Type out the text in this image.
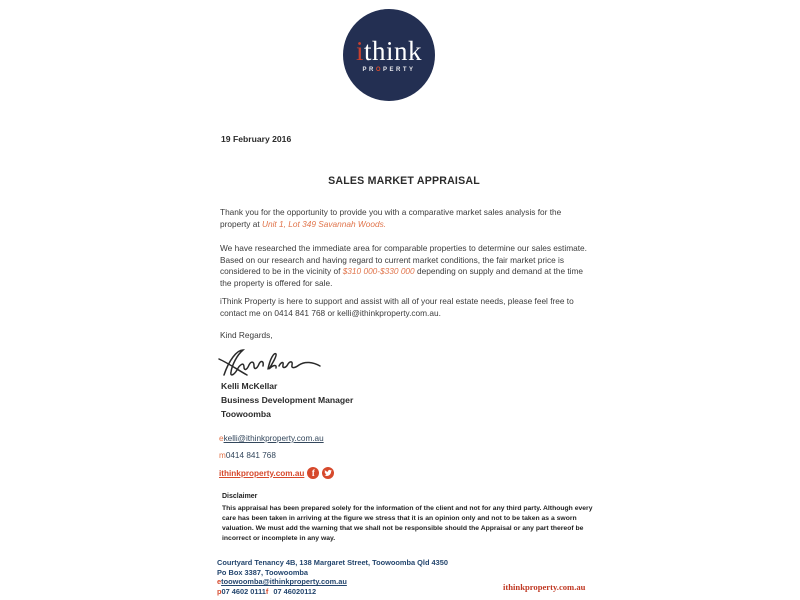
ithink
PROPERTY
19 February 2016
SALES MARKET APPRAISAL
Thank you for the opportunity to provide you with a comparative market sales analysis for the property at Unit 1, Lot 349 Savannah Woods.
We have researched the immediate area for comparable properties to determine our sales estimate. Based on our research and having regard to current market conditions, the fair market price is considered to be in the vicinity of $310 000-$330 000 depending on supply and demand at the time the property is offered for sale.
iThink Property is here to support and assist with all of your real estate needs, please feel free to contact me on 0414 841 768 or kelli@ithinkproperty.com.au.
Kind Regards,
Kelli McKellar
Business Development Manager
Toowoomba
ekelli@ithinkproperty.com.au
m0414 841 768
ithinkproperty.com.au f
Disclaimer
This appraisal has been prepared solely for the information of the client and not for any third party. Although every care has been taken in arriving at the figure we stress that it is an opinion only and not to be taken as a sworn valuation. We must add the warning that we shall not be responsible should the Appraisal or any part thereof be incorrect or incomplete in any way.
Courtyard Tenancy 4B, 138 Margaret Street, Toowoomba Qld 4350
Po Box 3387, Toowoomba
etoowoomba@ithinkproperty.com.au
p07 4602 0111f 07 46020112	ithinkproperty.com.au
